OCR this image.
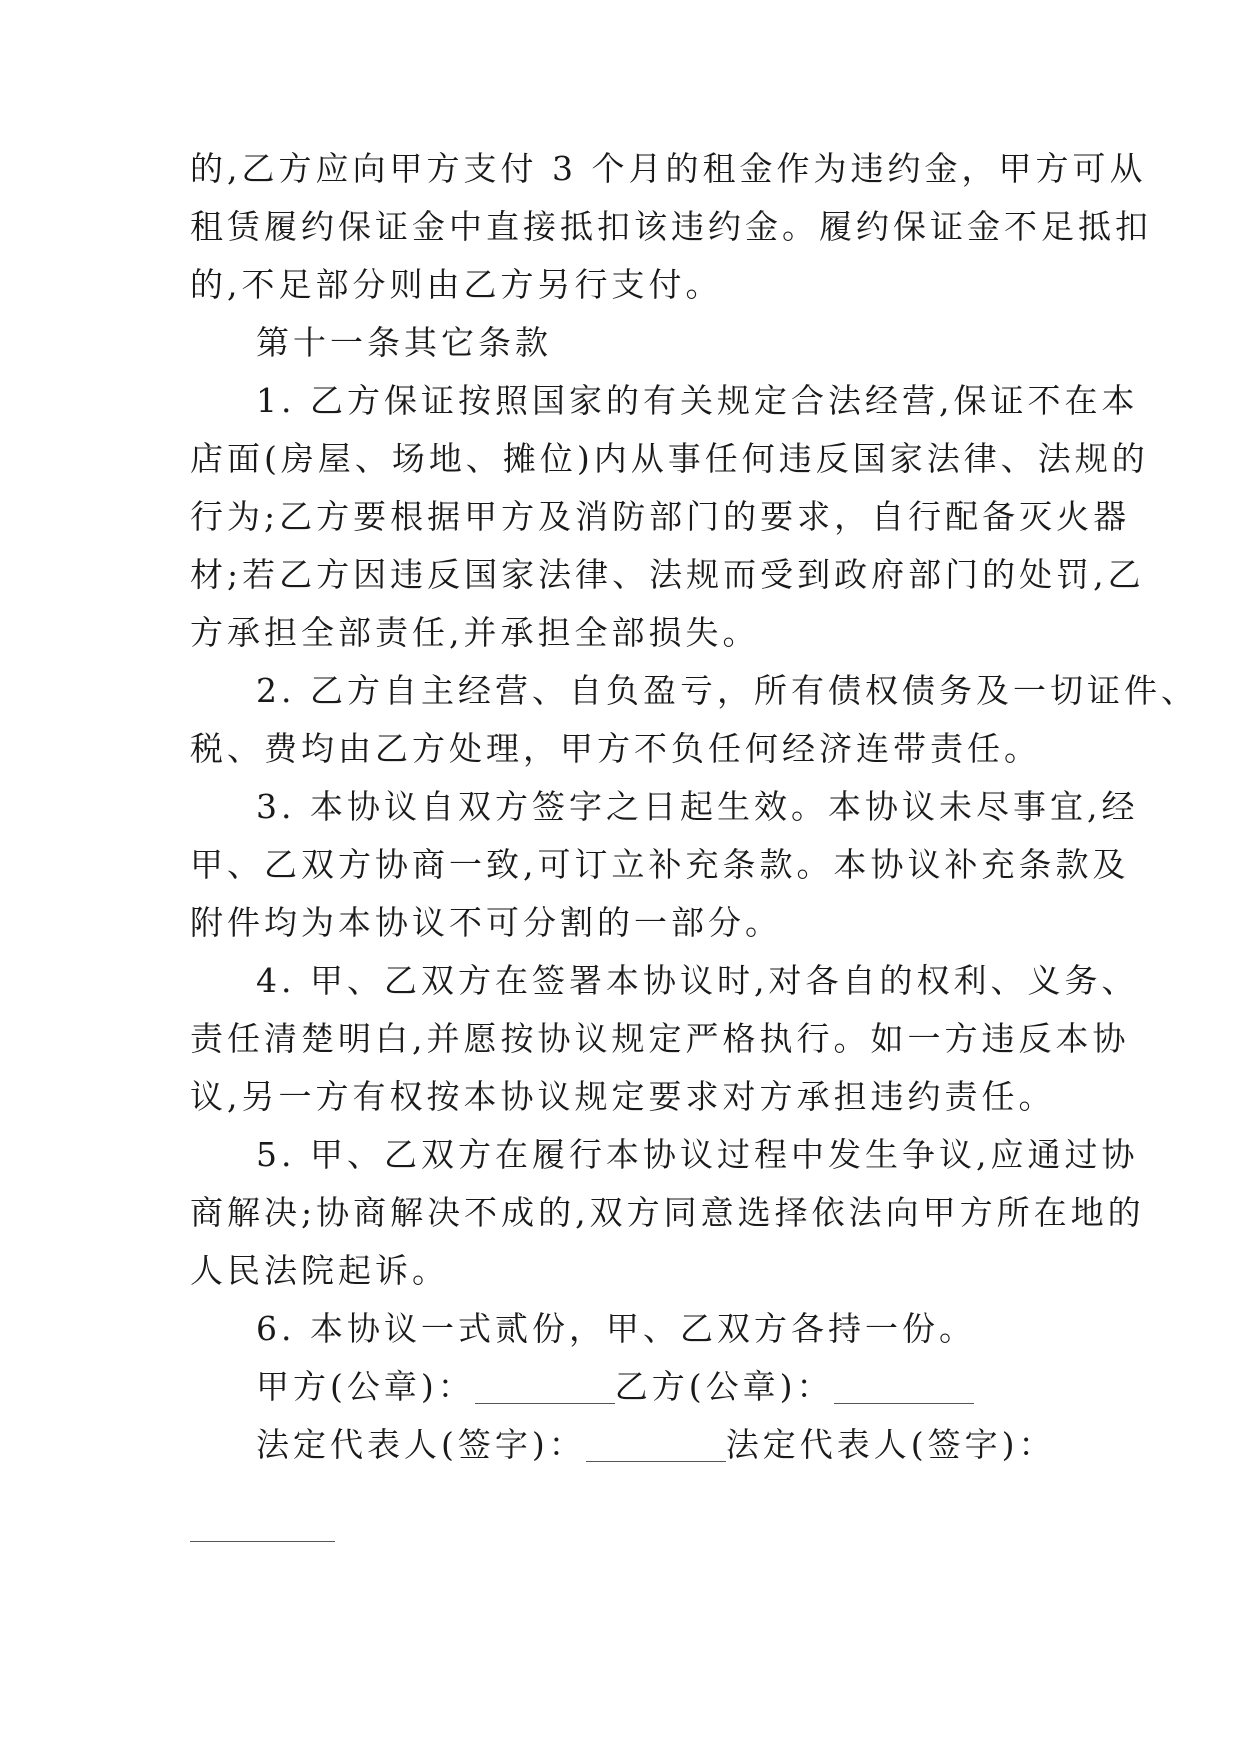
的,乙方应向甲方支付 3 个月的租金作为违约金，甲方可从
租赁履约保证金中直接抵扣该违约金。履约保证金不足抵扣
的,不足部分则由乙方另行支付。
第十一条其它条款
1. 乙方保证按照国家的有关规定合法经营,保证不在本
店面(房屋、场地、摊位)内从事任何违反国家法律、法规的
行为;乙方要根据甲方及消防部门的要求，自行配备灭火器
材;若乙方因违反国家法律、法规而受到政府部门的处罚,乙
方承担全部责任,并承担全部损失。
2. 乙方自主经营、自负盈亏，所有债权债务及一切证件、
税、费均由乙方处理，甲方不负任何经济连带责任。
3. 本协议自双方签字之日起生效。本协议未尽事宜,经
甲、乙双方协商一致,可订立补充条款。本协议补充条款及
附件均为本协议不可分割的一部分。
4. 甲、乙双方在签署本协议时,对各自的权利、义务、
责任清楚明白,并愿按协议规定严格执行。如一方违反本协
议,另一方有权按本协议规定要求对方承担违约责任。
5. 甲、乙双方在履行本协议过程中发生争议,应通过协
商解决;协商解决不成的,双方同意选择依法向甲方所在地的
人民法院起诉。
6. 本协议一式贰份，甲、乙双方各持一份。
甲方(公章)：	乙方(公章)：
法定代表人(签字)：	法定代表人(签字)：
